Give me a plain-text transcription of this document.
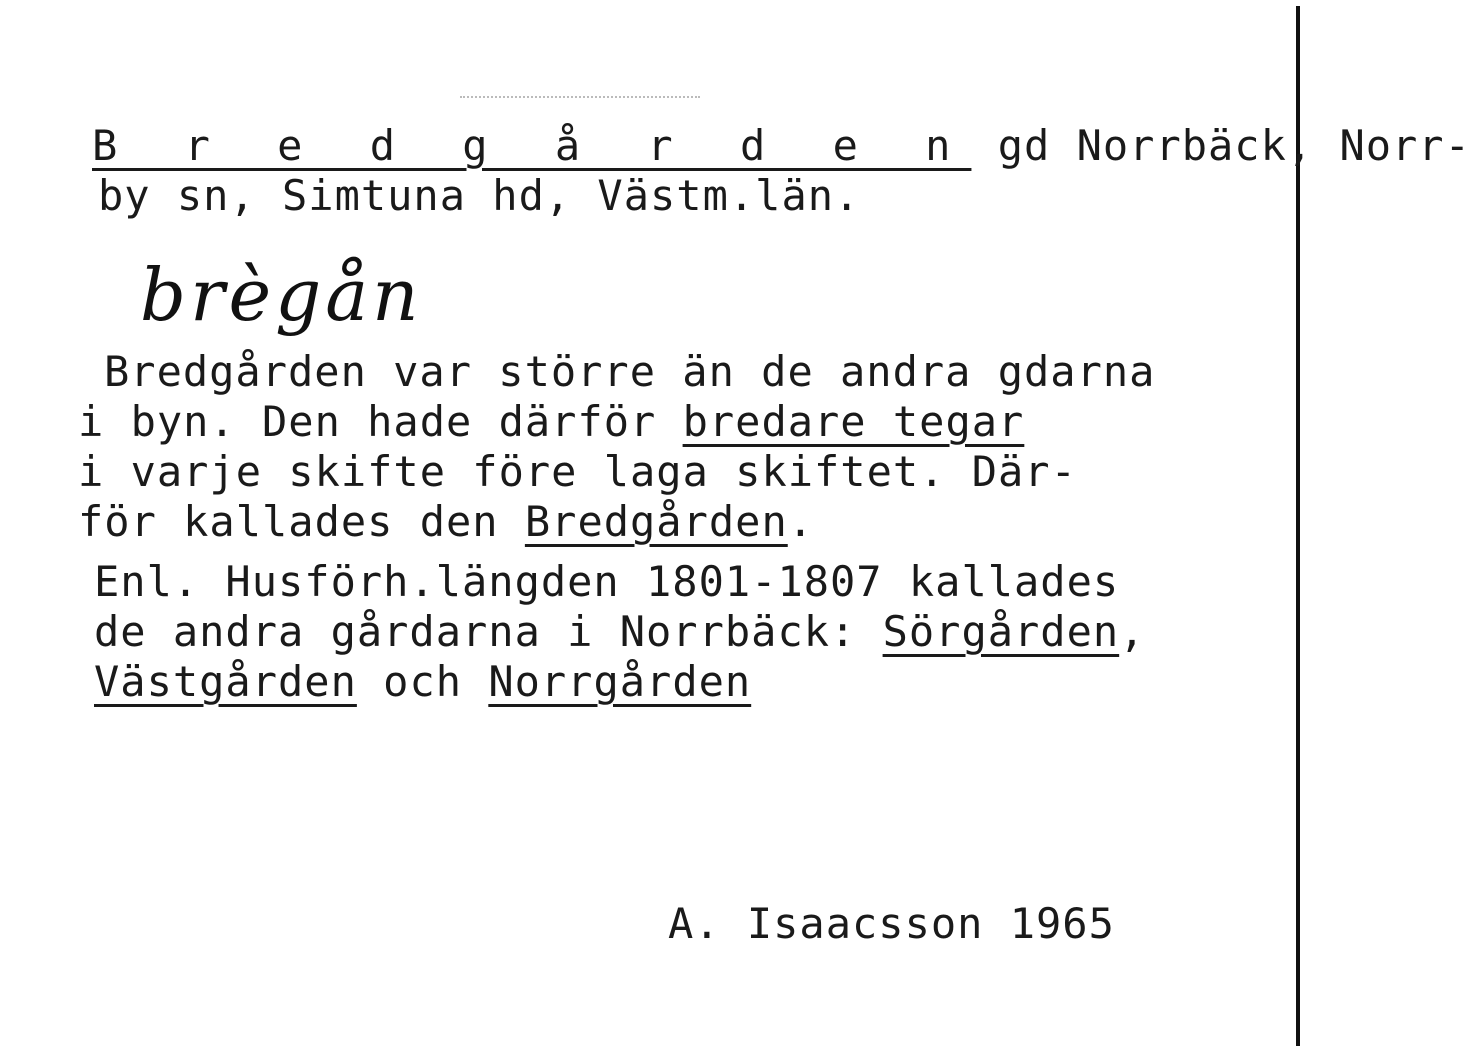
B r e d g å r d e n gd Norrbäck, Norr-
by sn, Simtuna hd, Västm.län.
brègån
Bredgården var större än de andra gdarna
i byn. Den hade därför bredare tegar
i varje skifte före laga skiftet. Där-
för kallades den Bredgården.
Enl. Husförh.längden 1801-1807 kallades
de andra gårdarna i Norrbäck: Sörgården,
Västgården och Norrgården
A. Isaacsson 1965
